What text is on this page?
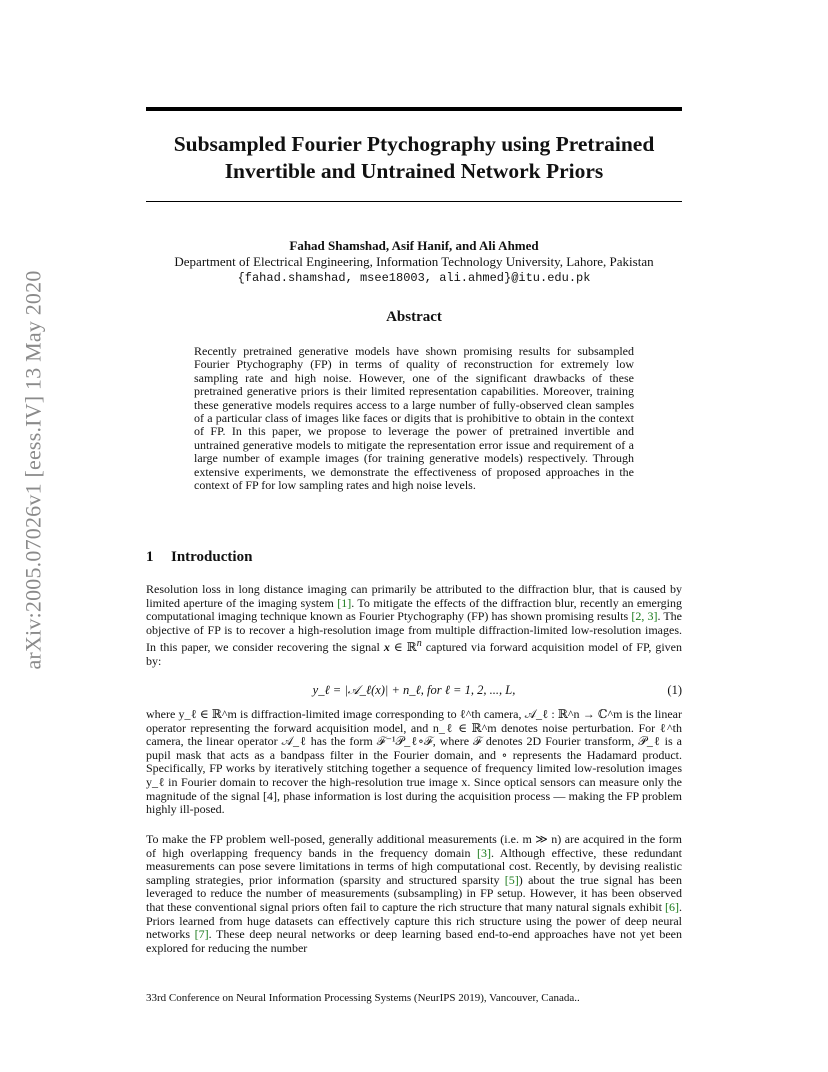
arXiv:2005.07026v1 [eess.IV] 13 May 2020
Subsampled Fourier Ptychography using Pretrained
Invertible and Untrained Network Priors
Fahad Shamshad, Asif Hanif, and Ali Ahmed
Department of Electrical Engineering, Information Technology University, Lahore, Pakistan
{fahad.shamshad, msee18003, ali.ahmed}@itu.edu.pk
Abstract
Recently pretrained generative models have shown promising results for subsampled Fourier Ptychography (FP) in terms of quality of reconstruction for extremely low sampling rate and high noise. However, one of the significant drawbacks of these pretrained generative priors is their limited representation capabilities. Moreover, training these generative models requires access to a large number of fully-observed clean samples of a particular class of images like faces or digits that is prohibitive to obtain in the context of FP. In this paper, we propose to leverage the power of pretrained invertible and untrained generative models to mitigate the representation error issue and requirement of a large number of example images (for training generative models) respectively. Through extensive experiments, we demonstrate the effectiveness of proposed approaches in the context of FP for low sampling rates and high noise levels.
1 Introduction
Resolution loss in long distance imaging can primarily be attributed to the diffraction blur, that is caused by limited aperture of the imaging system [1]. To mitigate the effects of the diffraction blur, recently an emerging computational imaging technique known as Fourier Ptychography (FP) has shown promising results [2, 3]. The objective of FP is to recover a high-resolution image from multiple diffraction-limited low-resolution images. In this paper, we consider recovering the signal x ∈ ℝ$^n$ captured via forward acquisition model of FP, given by:
y_ℓ = |𝒜_ℓ(x)| + n_ℓ, for ℓ = 1, 2, ..., L,	(1)
where y_ℓ ∈ ℝ^m is diffraction-limited image corresponding to ℓ^th camera, 𝒜_ℓ : ℝ^n → ℂ^m is the linear operator representing the forward acquisition model, and n_ℓ ∈ ℝ^m denotes noise perturbation. For ℓ^th camera, the linear operator 𝒜_ℓ has the form ℱ⁻¹𝒫_ℓ∘ℱ, where ℱ denotes 2D Fourier transform, 𝒫_ℓ is a pupil mask that acts as a bandpass filter in the Fourier domain, and ∘ represents the Hadamard product. Specifically, FP works by iteratively stitching together a sequence of frequency limited low-resolution images y_ℓ in Fourier domain to recover the high-resolution true image x. Since optical sensors can measure only the magnitude of the signal [4], phase information is lost during the acquisition process — making the FP problem highly ill-posed.
To make the FP problem well-posed, generally additional measurements (i.e. m ≫ n) are acquired in the form of high overlapping frequency bands in the frequency domain [3]. Although effective, these redundant measurements can pose severe limitations in terms of high computational cost. Recently, by devising realistic sampling strategies, prior information (sparsity and structured sparsity [5]) about the true signal has been leveraged to reduce the number of measurements (subsampling) in FP setup. However, it has been observed that these conventional signal priors often fail to capture the rich structure that many natural signals exhibit [6]. Priors learned from huge datasets can effectively capture this rich structure using the power of deep neural networks [7]. These deep neural networks or deep learning based end-to-end approaches have not yet been explored for reducing the number
33rd Conference on Neural Information Processing Systems (NeurIPS 2019), Vancouver, Canada..
